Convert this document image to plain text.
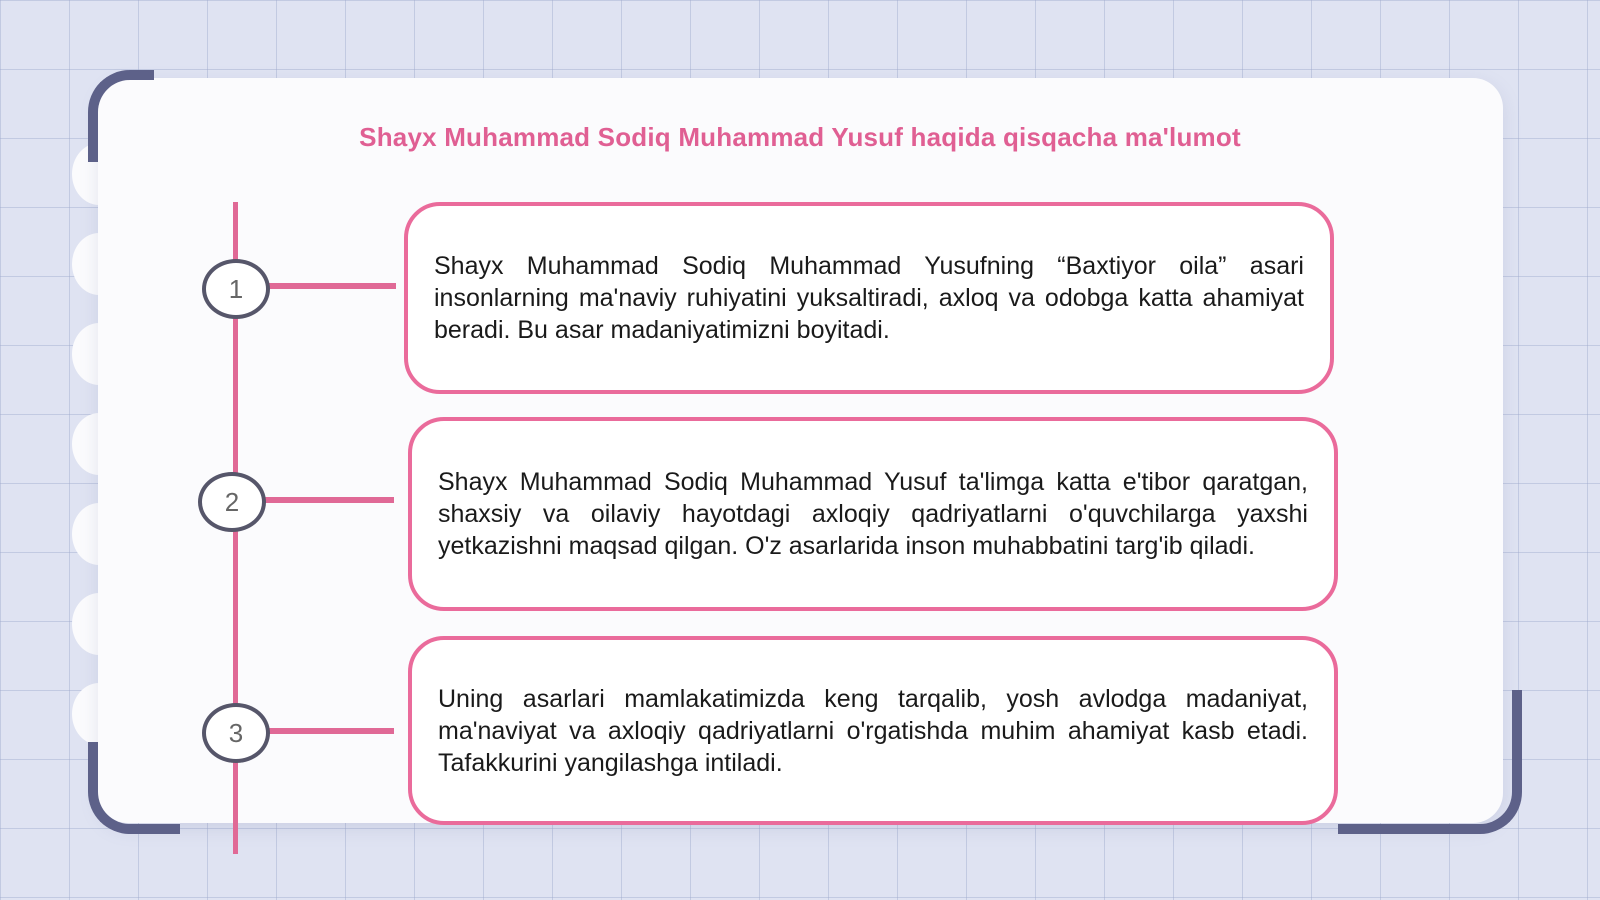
Shayx Muhammad Sodiq Muhammad Yusuf haqida qisqacha ma'lumot
1

Shayx Muhammad Sodiq Muhammad Yusufning “Baxtiyor oila” asari insonlarning ma'naviy ruhiyatini yuksaltiradi, axloq va odobga katta ahamiyat beradi. Bu asar madaniyatimizni boyitadi.

2

Shayx Muhammad Sodiq Muhammad Yusuf ta'limga katta e'tibor qaratgan, shaxsiy va oilaviy hayotdagi axloqiy qadriyatlarni o'quvchilarga yaxshi yetkazishni maqsad qilgan. O'z asarlarida inson muhabbatini targ'ib qiladi.

3

Uning asarlari mamlakatimizda keng tarqalib, yosh avlodga madaniyat, ma'naviyat va axloqiy qadriyatlarni o'rgatishda muhim ahamiyat kasb etadi. Tafakkurini yangilashga intiladi.
